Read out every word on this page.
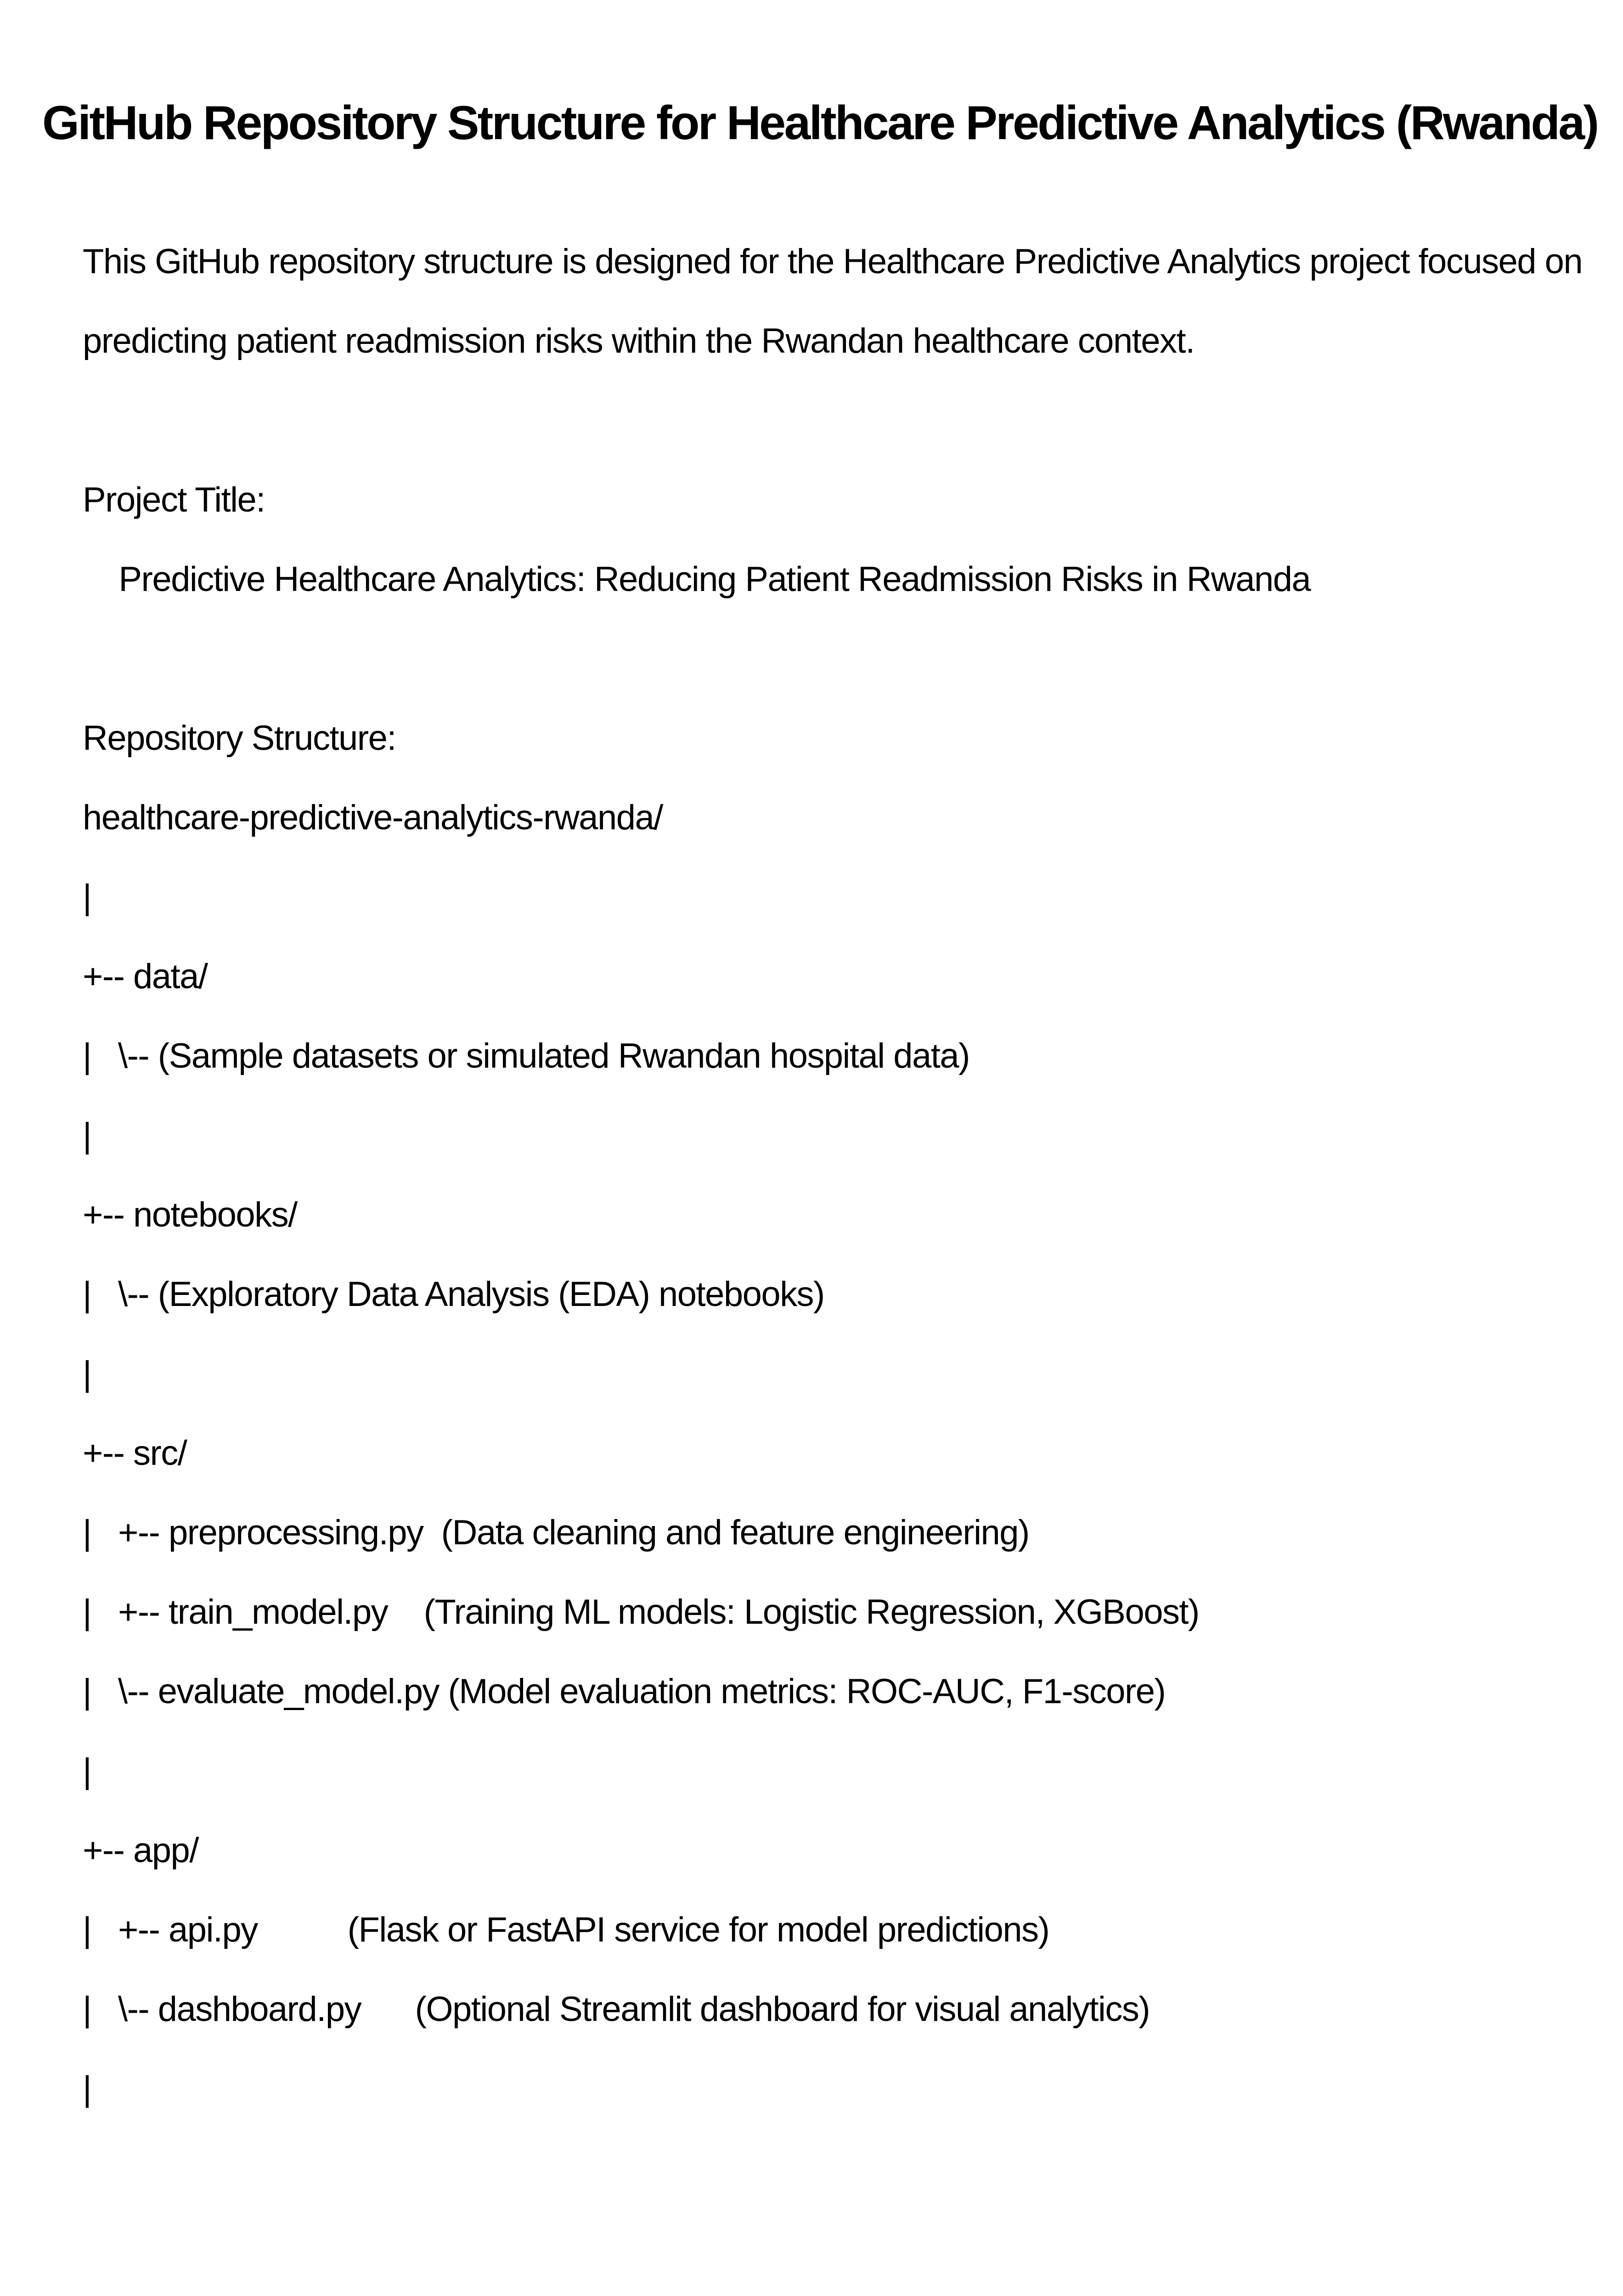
GitHub Repository Structure for Healthcare Predictive Analytics (Rwanda)
This GitHub repository structure is designed for the Healthcare Predictive Analytics project focused on
predicting patient readmission risks within the Rwandan healthcare context.
Project Title:
Predictive Healthcare Analytics: Reducing Patient Readmission Risks in Rwanda
Repository Structure:
healthcare-predictive-analytics-rwanda/
|
+-- data/
|   \-- (Sample datasets or simulated Rwandan hospital data)
|
+-- notebooks/
|   \-- (Exploratory Data Analysis (EDA) notebooks)
|
+-- src/
|   +-- preprocessing.py  (Data cleaning and feature engineering)
|   +-- train_model.py    (Training ML models: Logistic Regression, XGBoost)
|   \-- evaluate_model.py (Model evaluation metrics: ROC-AUC, F1-score)
|
+-- app/
|   +-- api.py          (Flask or FastAPI service for model predictions)
|   \-- dashboard.py      (Optional Streamlit dashboard for visual analytics)
|
